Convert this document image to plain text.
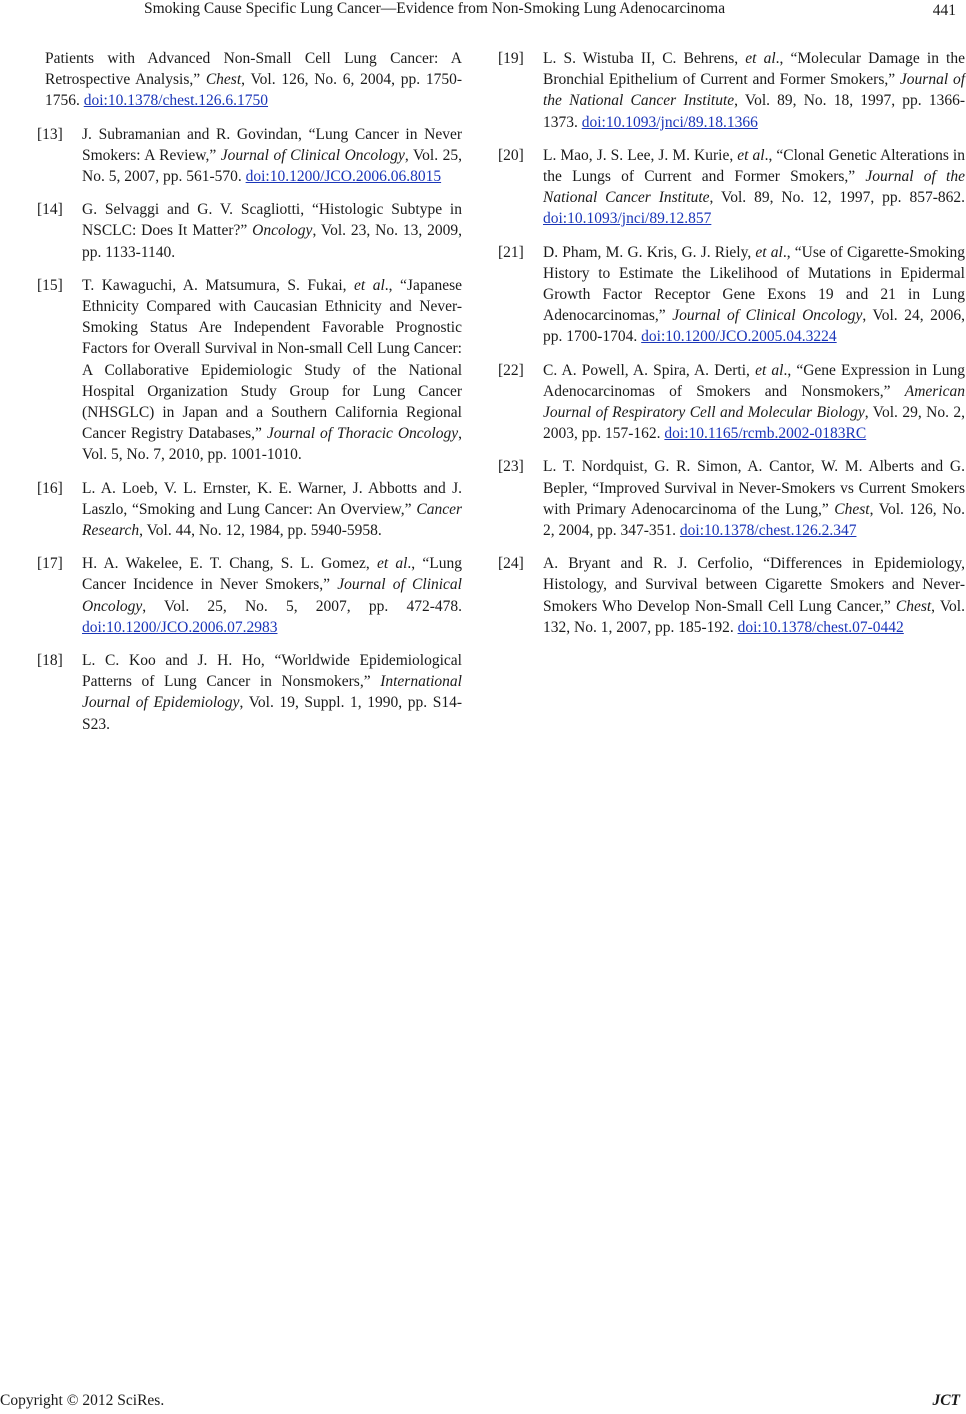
Smoking Cause Specific Lung Cancer—Evidence from Non-Smoking Lung Adenocarcinoma	441
Patients with Advanced Non-Small Cell Lung Cancer: A Retrospective Analysis,” Chest, Vol. 126, No. 6, 2004, pp. 1750-1756. doi:10.1378/chest.126.6.1750
[13] J. Subramanian and R. Govindan, “Lung Cancer in Never Smokers: A Review,” Journal of Clinical Oncology, Vol. 25, No. 5, 2007, pp. 561-570. doi:10.1200/JCO.2006.06.8015
[14] G. Selvaggi and G. V. Scagliotti, “Histologic Subtype in NSCLC: Does It Matter?” Oncology, Vol. 23, No. 13, 2009, pp. 1133-1140.
[15] T. Kawaguchi, A. Matsumura, S. Fukai, et al., “Japanese Ethnicity Compared with Caucasian Ethnicity and Never-Smoking Status Are Independent Favorable Prognostic Factors for Overall Survival in Non-small Cell Lung Cancer: A Collaborative Epidemiologic Study of the National Hospital Organization Study Group for Lung Cancer (NHSGLC) in Japan and a Southern California Regional Cancer Registry Databases,” Journal of Thoracic Oncology, Vol. 5, No. 7, 2010, pp. 1001-1010.
[16] L. A. Loeb, V. L. Ernster, K. E. Warner, J. Abbotts and J. Laszlo, “Smoking and Lung Cancer: An Overview,” Cancer Research, Vol. 44, No. 12, 1984, pp. 5940-5958.
[17] H. A. Wakelee, E. T. Chang, S. L. Gomez, et al., “Lung Cancer Incidence in Never Smokers,” Journal of Clinical Oncology, Vol. 25, No. 5, 2007, pp. 472-478. doi:10.1200/JCO.2006.07.2983
[18] L. C. Koo and J. H. Ho, “Worldwide Epidemiological Patterns of Lung Cancer in Nonsmokers,” International Journal of Epidemiology, Vol. 19, Suppl. 1, 1990, pp. S14-S23.
[19] L. S. Wistuba II, C. Behrens, et al., “Molecular Damage in the Bronchial Epithelium of Current and Former Smokers,” Journal of the National Cancer Institute, Vol. 89, No. 18, 1997, pp. 1366-1373. doi:10.1093/jnci/89.18.1366
[20] L. Mao, J. S. Lee, J. M. Kurie, et al., “Clonal Genetic Alterations in the Lungs of Current and Former Smokers,” Journal of the National Cancer Institute, Vol. 89, No. 12, 1997, pp. 857-862. doi:10.1093/jnci/89.12.857
[21] D. Pham, M. G. Kris, G. J. Riely, et al., “Use of Cigarette-Smoking History to Estimate the Likelihood of Mutations in Epidermal Growth Factor Receptor Gene Exons 19 and 21 in Lung Adenocarcinomas,” Journal of Clinical Oncology, Vol. 24, 2006, pp. 1700-1704. doi:10.1200/JCO.2005.04.3224
[22] C. A. Powell, A. Spira, A. Derti, et al., “Gene Expression in Lung Adenocarcinomas of Smokers and Nonsmokers,” American Journal of Respiratory Cell and Molecular Biology, Vol. 29, No. 2, 2003, pp. 157-162. doi:10.1165/rcmb.2002-0183RC
[23] L. T. Nordquist, G. R. Simon, A. Cantor, W. M. Alberts and G. Bepler, “Improved Survival in Never-Smokers vs Current Smokers with Primary Adenocarcinoma of the Lung,” Chest, Vol. 126, No. 2, 2004, pp. 347-351. doi:10.1378/chest.126.2.347
[24] A. Bryant and R. J. Cerfolio, “Differences in Epidemiology, Histology, and Survival between Cigarette Smokers and Never-Smokers Who Develop Non-Small Cell Lung Cancer,” Chest, Vol. 132, No. 1, 2007, pp. 185-192. doi:10.1378/chest.07-0442
Copyright © 2012 SciRes.	JCT
